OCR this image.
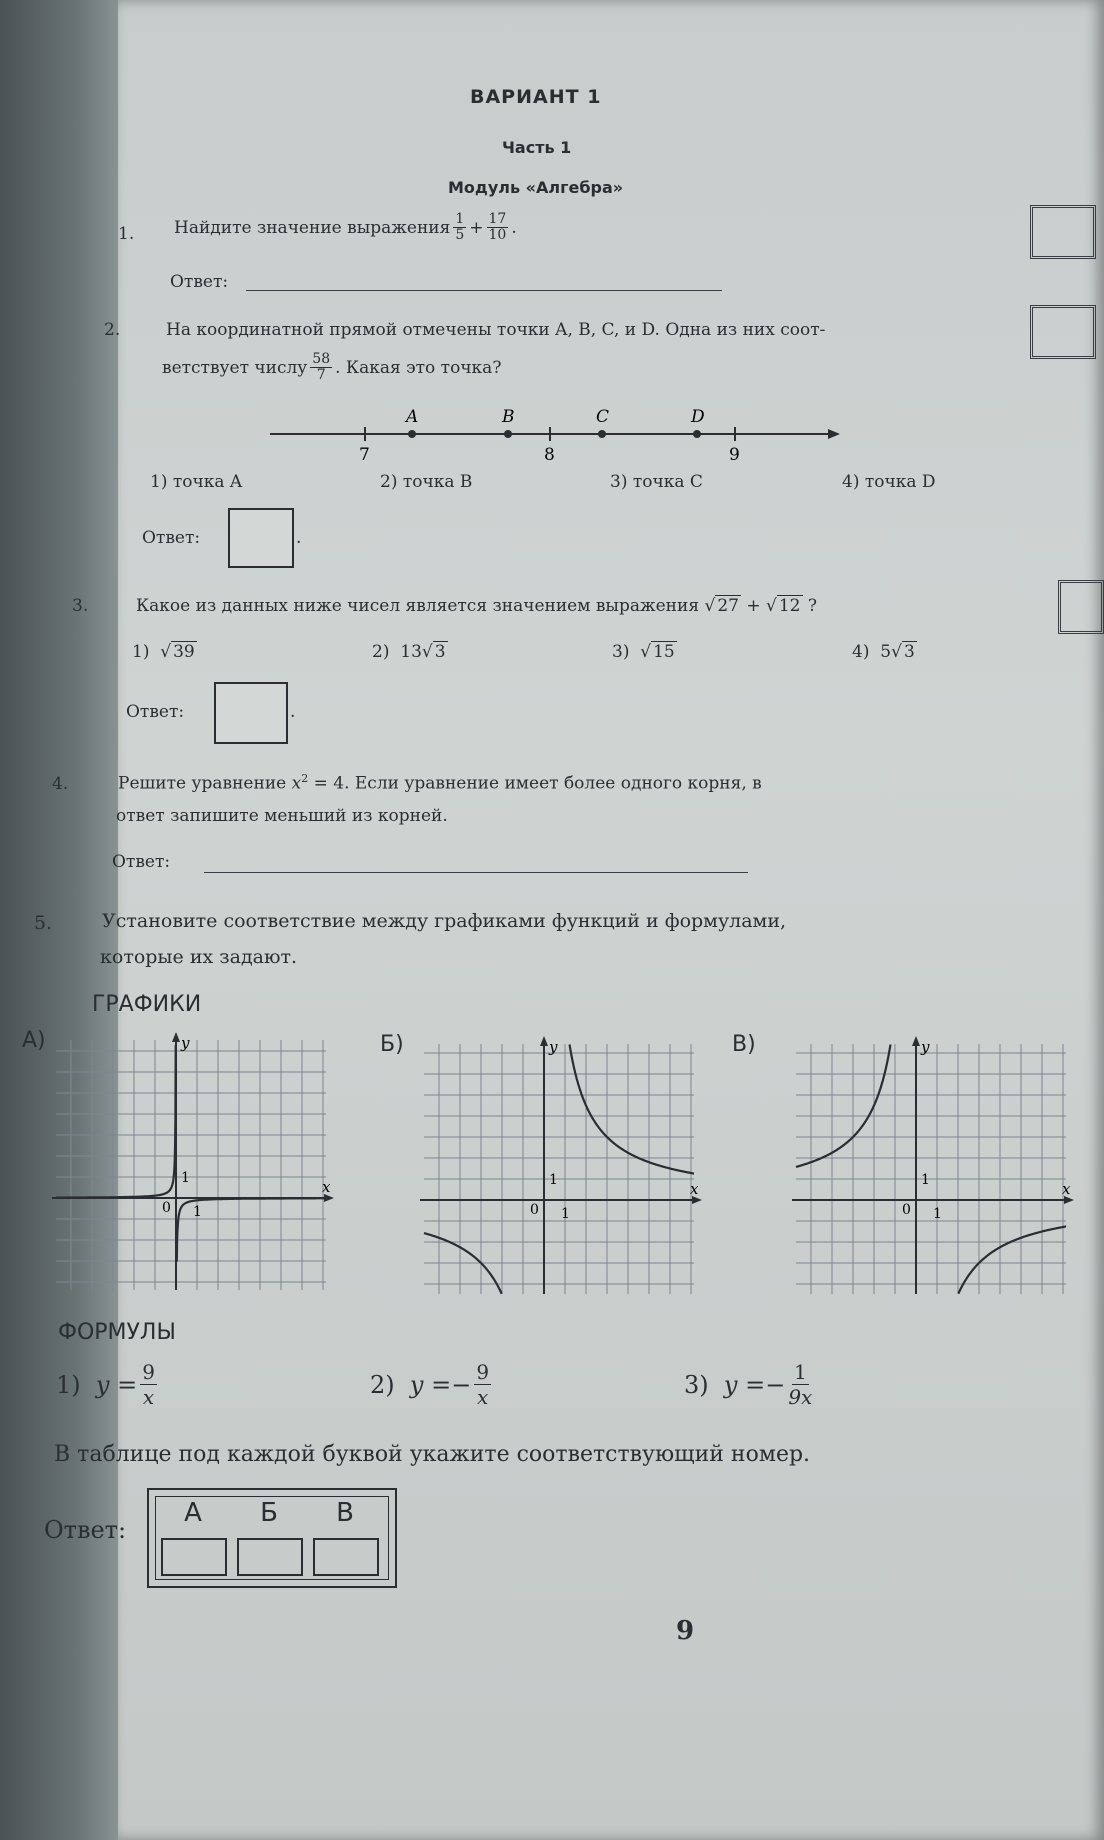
ВАРИАНТ 1
Часть 1
Модуль «Алгебра»
1. Найдите значение выражения $\frac{1}{5} + \frac{17}{10}$ .
Ответ:
2.	На координатной прямой отмечены точки A, B, C, и D. Одна из них соот-
ветствует числу $\frac{58}{7}$ . Какая это точка?
7	8	9
A	B	C	D
1) точка A	2) точка B	3) точка C	4) точка D
Ответ:	.
3.	Какое из данных ниже чисел является значением выражения √ 27 + √ 12 ?
1) √ 39	2) 13√ 3	3) √ 15	4) 5√ 3
Ответ:	.
4.	Решите уравнение $x^2 = 4$. Если уравнение имеет более одного корня, в
ответ запишите меньший из корней.
Ответ:
5.	Установите соответствие между графиками функций и формулами,
которые их задают.
ГРАФИКИ
А)	Б)	В)
x
y
0 1
1
x
y
0 1
1	x
y
0 1
1
ФОРМУЛЫ
1)
$y = \frac{9}{x}$	2)
y = − $\frac{9}{x}$	3)
y = − $\frac{1}{9x}$
В таблице под каждой буквой укажите соответствующий номер.
Ответ:
А	Б	В
9
